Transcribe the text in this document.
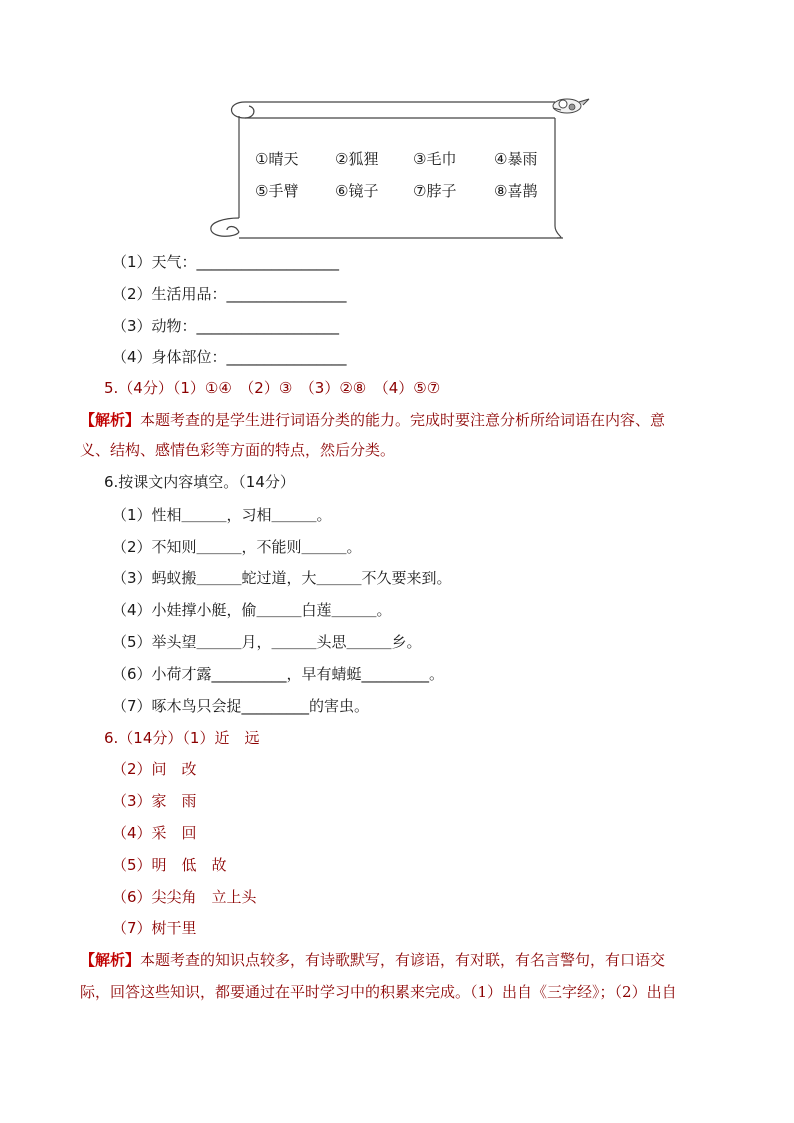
①晴天 ②狐狸 ③毛巾	④暴雨
⑤手臂 ⑥镜子 ⑦脖子	⑧喜鹊
（1）天气：___________________
（2）生活用品：________________
（3）动物：___________________
（4）身体部位：________________
5.（4分）（1）①④　（2）③　（3）②⑧　（4）⑤⑦
【解析】本题考查的是学生进行词语分类的能力。完成时要注意分析所给词语在内容、意
义、结构、感情色彩等方面的特点，然后分类。
6.按课文内容填空。（14分）
（1）性相＿＿＿，习相＿＿＿。
（2）不知则＿＿＿，不能则＿＿＿。
（3）蚂蚁搬＿＿＿蛇过道，大＿＿＿不久要来到。
（4）小娃撑小艇，偷＿＿＿白莲＿＿＿。
（5）举头望＿＿＿月，＿＿＿头思＿＿＿乡。
（6）小荷才露__________，早有蜻蜓_________。
（7）啄木鸟只会捉_________的害虫。
6.（14分）（1）近　远
（2）问　改
（3）家　雨
（4）采　回
（5）明　低　故
（6）尖尖角　立上头
（7）树干里
【解析】本题考查的知识点较多，有诗歌默写，有谚语，有对联，有名言警句，有口语交
际，回答这些知识，都要通过在平时学习中的积累来完成。（1）出自《三字经》；（2）出自
